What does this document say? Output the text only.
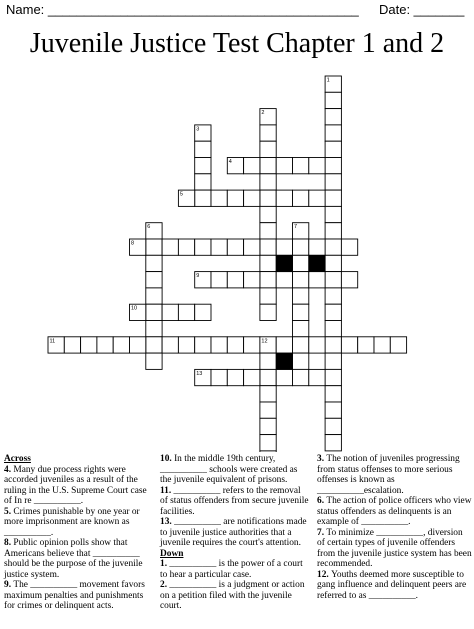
Name: ___________________________________________ Date: _______
Juvenile Justice Test Chapter 1 and 2
1
2
3
4
5
6	7
8
9
10
11	12
13
Across
4. Many due process rights were accorded juveniles as a result of the ruling in the U.S. Supreme Court case of In re __________.
5. Crimes punishable by one year or more imprisonment are known as __________.
8. Public opinion polls show that Americans believe that __________ should be the purpose of the juvenile justice system.
9. The __________ movement favors maximum penalties and punishments for crimes or delinquent acts.
10. In the middle 19th century, __________ schools were created as the juvenile equivalent of prisons.
11. __________ refers to the removal of status offenders from secure juvenile facilities.
13. __________ are notifications made to juvenile justice authorities that a juvenile requires the court's attention.
Down
1. __________ is the power of a court to hear a particular case.
2. __________ is a judgment or action on a petition filed with the juvenile court.
3. The notion of juveniles progressing from status offenses to more serious offenses is known as __________escalation.
6. The action of police officers who view status offenders as delinquents is an example of __________.
7. To minimize __________, diversion of certain types of juvenile offenders from the juvenile justice system has been recommended.
12. Youths deemed more susceptible to gang influence and delinquent peers are referred to as __________.
